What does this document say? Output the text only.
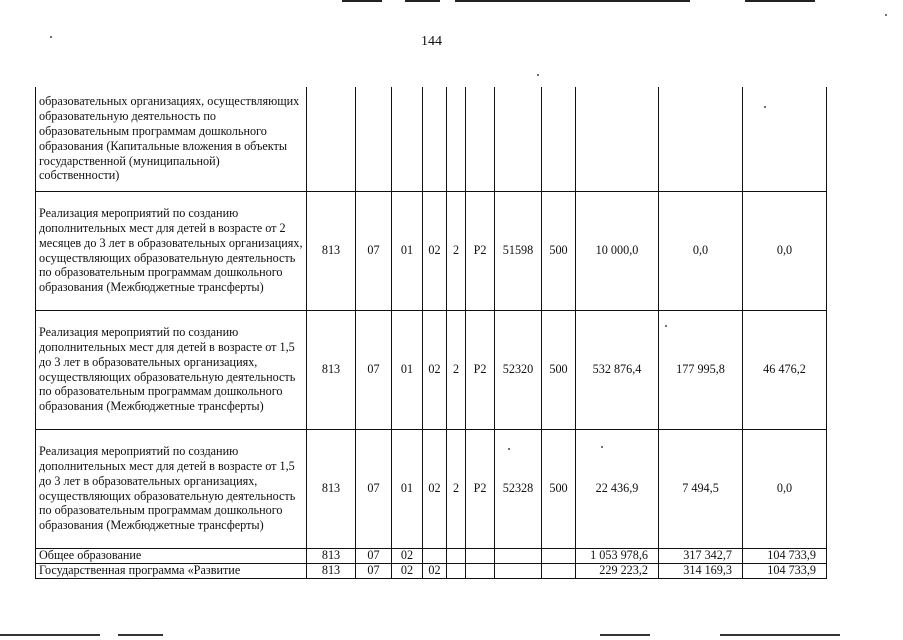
144
образовательных организациях, осуществляющих образовательную деятельность по образовательным программам дошкольного образования (Капитальные вложения в объекты государственной (муниципальной) собственности)											
Реализация мероприятий по созданию дополнительных мест для детей в возрасте от 2 месяцев до 3 лет в образовательных организациях, осуществляющих образовательную деятельность по образовательным программам дошкольного образования (Межбюджетные трансферты)	813	07	01	02	2	P2	51598	500	10 000,0	0,0	0,0
Реализация мероприятий по созданию дополнительных мест для детей в возрасте от 1,5 до 3 лет в образовательных организациях, осуществляющих образовательную деятельность по образовательным программам дошкольного образования (Межбюджетные трансферты)	813	07	01	02	2	P2	52320	500	532 876,4	177 995,8	46 476,2
Реализация мероприятий по созданию дополнительных мест для детей в возрасте от 1,5 до 3 лет в образовательных организациях, осуществляющих образовательную деятельность по образовательным программам дошкольного образования (Межбюджетные трансферты)	813	07	01	02	2	P2	52328	500	22 436,9	7 494,5	0,0
Общее образование	813	07	02						1 053 978,6	317 342,7	104 733,9
Государственная программа «Развитие	813	07	02	02					229 223,2	314 169,3	104 733,9
